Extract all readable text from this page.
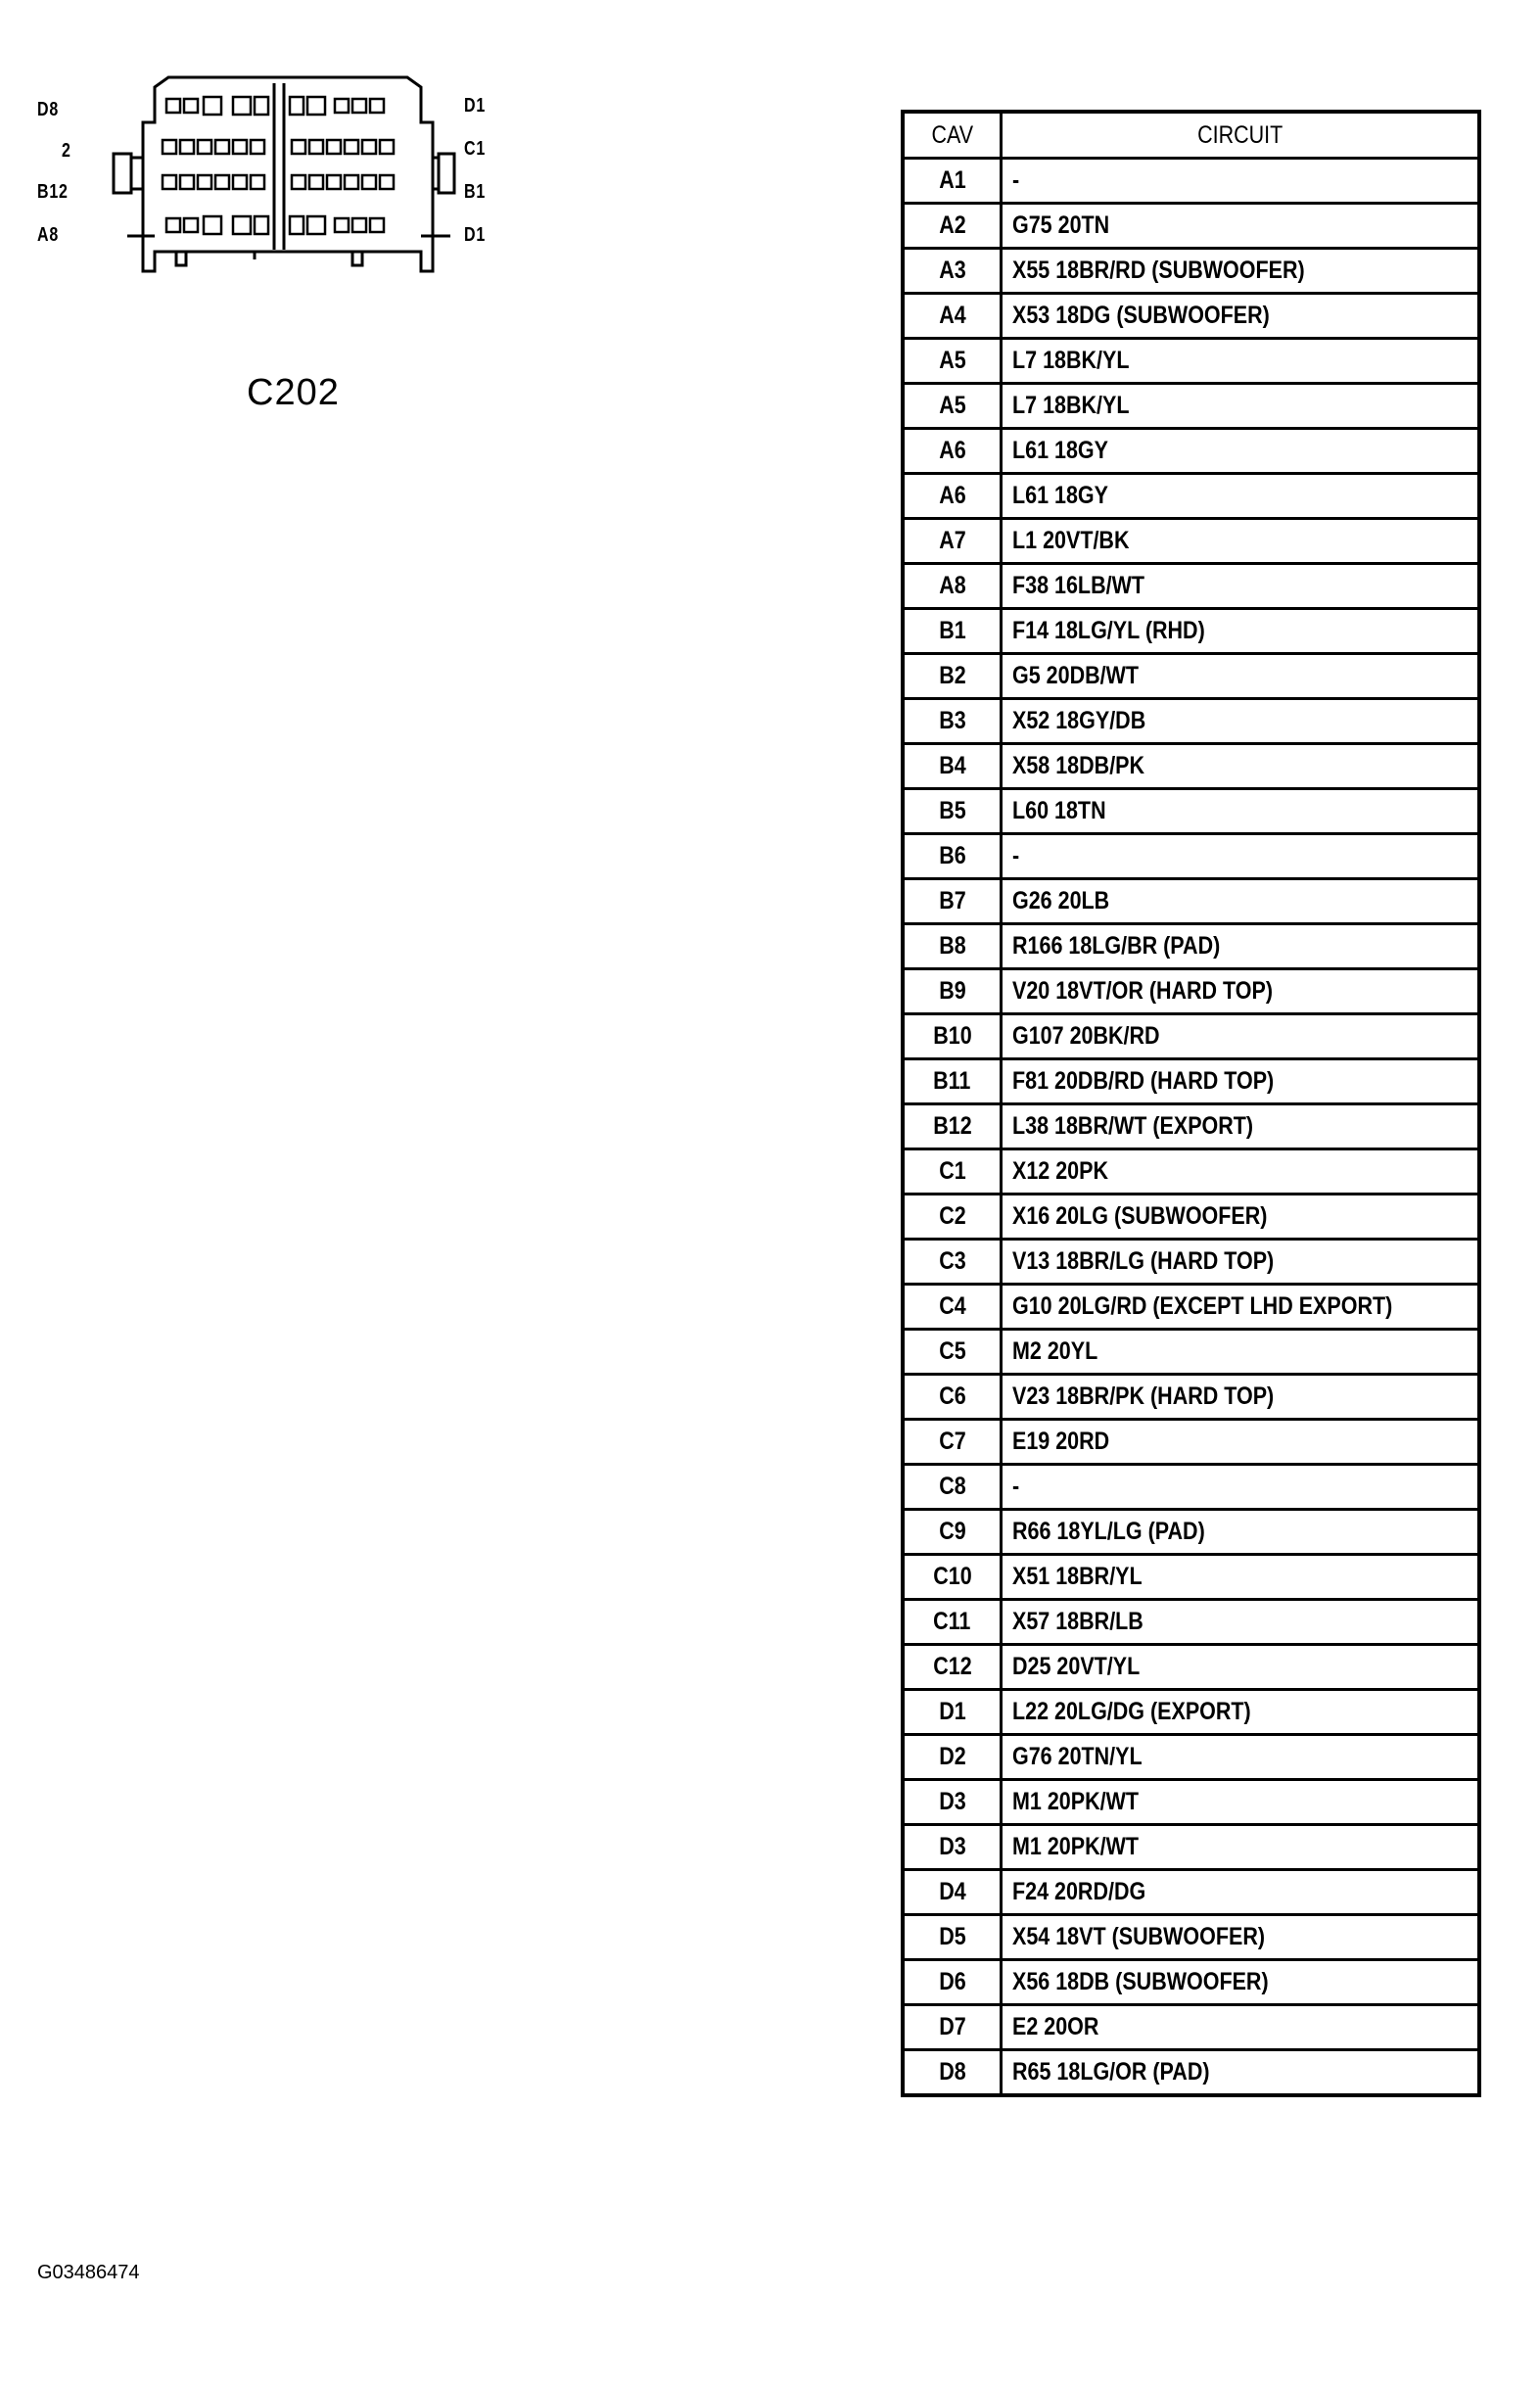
D8
2
B12
A8
D1
C1
B1
D1
C202
CAV	CIRCUIT
A1	-
A2	G75 20TN
A3	X55 18BR/RD (SUBWOOFER)
A4	X53 18DG (SUBWOOFER)
A5	L7 18BK/YL
A5	L7 18BK/YL
A6	L61 18GY
A6	L61 18GY
A7	L1 20VT/BK
A8	F38 16LB/WT
B1	F14 18LG/YL (RHD)
B2	G5 20DB/WT
B3	X52 18GY/DB
B4	X58 18DB/PK
B5	L60 18TN
B6	-
B7	G26 20LB
B8	R166 18LG/BR (PAD)
B9	V20 18VT/OR (HARD TOP)
B10	G107 20BK/RD
B11	F81 20DB/RD (HARD TOP)
B12	L38 18BR/WT (EXPORT)
C1	X12 20PK
C2	X16 20LG (SUBWOOFER)
C3	V13 18BR/LG (HARD TOP)
C4	G10 20LG/RD (EXCEPT LHD EXPORT)
C5	M2 20YL
C6	V23 18BR/PK (HARD TOP)
C7	E19 20RD
C8	-
C9	R66 18YL/LG (PAD)
C10	X51 18BR/YL
C11	X57 18BR/LB
C12	D25 20VT/YL
D1	L22 20LG/DG (EXPORT)
D2	G76 20TN/YL
D3	M1 20PK/WT
D3	M1 20PK/WT
D4	F24 20RD/DG
D5	X54 18VT (SUBWOOFER)
D6	X56 18DB (SUBWOOFER)
D7	E2 20OR
D8	R65 18LG/OR (PAD)
G03486474
